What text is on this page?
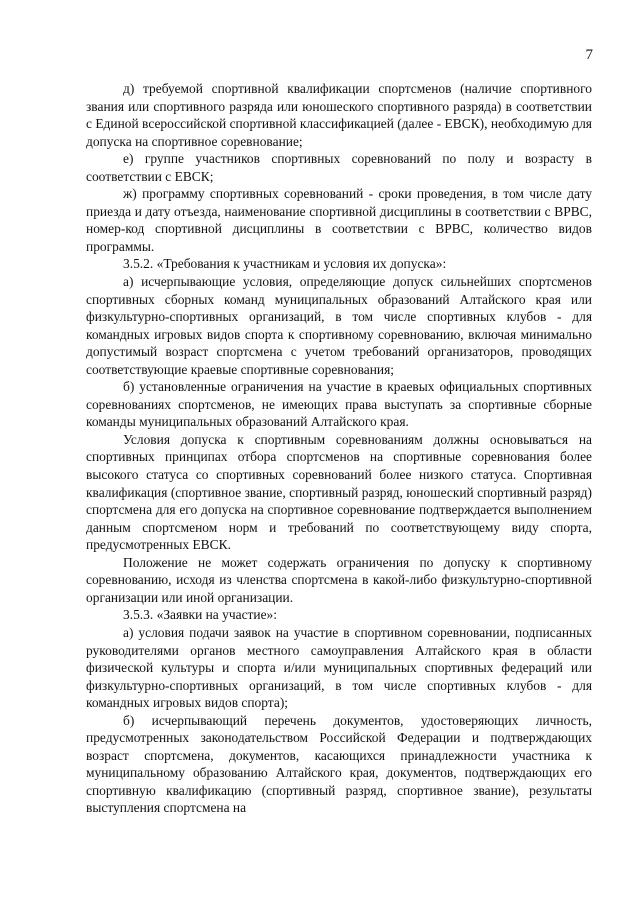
7

д) требуемой спортивной квалификации спортсменов (наличие спортивного звания или спортивного разряда или юношеского спортивного разряда) в соответствии с Единой всероссийской спортивной классификацией (далее - ЕВСК), необходимую для допуска на спортивное соревнование;

е) группе участников спортивных соревнований по полу и возрасту в соответствии с ЕВСК;

ж) программу спортивных соревнований - сроки проведения, в том числе дату приезда и дату отъезда, наименование спортивной дисциплины в соответствии с ВРВС, номер-код спортивной дисциплины в соответствии с ВРВС, количество видов программы.

3.5.2. «Требования к участникам и условия их допуска»:

а) исчерпывающие условия, определяющие допуск сильнейших спортсменов спортивных сборных команд муниципальных образований Алтайского края или физкультурно-спортивных организаций, в том числе спортивных клубов - для командных игровых видов спорта к спортивному соревнованию, включая минимально допустимый возраст спортсмена с учетом требований организаторов, проводящих соответствующие краевые спортивные соревнования;

б) установленные ограничения на участие в краевых официальных спортивных соревнованиях спортсменов, не имеющих права выступать за спортивные сборные команды муниципальных образований Алтайского края.

Условия допуска к спортивным соревнованиям должны основываться на спортивных принципах отбора спортсменов на спортивные соревнования более высокого статуса со спортивных соревнований более низкого статуса. Спортивная квалификация (спортивное звание, спортивный разряд, юношеский спортивный разряд) спортсмена для его допуска на спортивное соревнование подтверждается выполнением данным спортсменом норм и требований по соответствующему виду спорта, предусмотренных ЕВСК.

Положение не может содержать ограничения по допуску к спортивному соревнованию, исходя из членства спортсмена в какой-либо физкультурно-спортивной организации или иной организации.

3.5.3. «Заявки на участие»:

а) условия подачи заявок на участие в спортивном соревновании, подписанных руководителями органов местного самоуправления Алтайского края в области физической культуры и спорта и/или муниципальных спортивных федераций или физкультурно-спортивных организаций, в том числе спортивных клубов - для командных игровых видов спорта);

б) исчерпывающий перечень документов, удостоверяющих личность, предусмотренных законодательством Российской Федерации и подтверждающих возраст спортсмена, документов, касающихся принадлежности участника к муниципальному образованию Алтайского края, документов, подтверждающих его спортивную квалификацию (спортивный разряд, спортивное звание), результаты выступления спортсмена на
